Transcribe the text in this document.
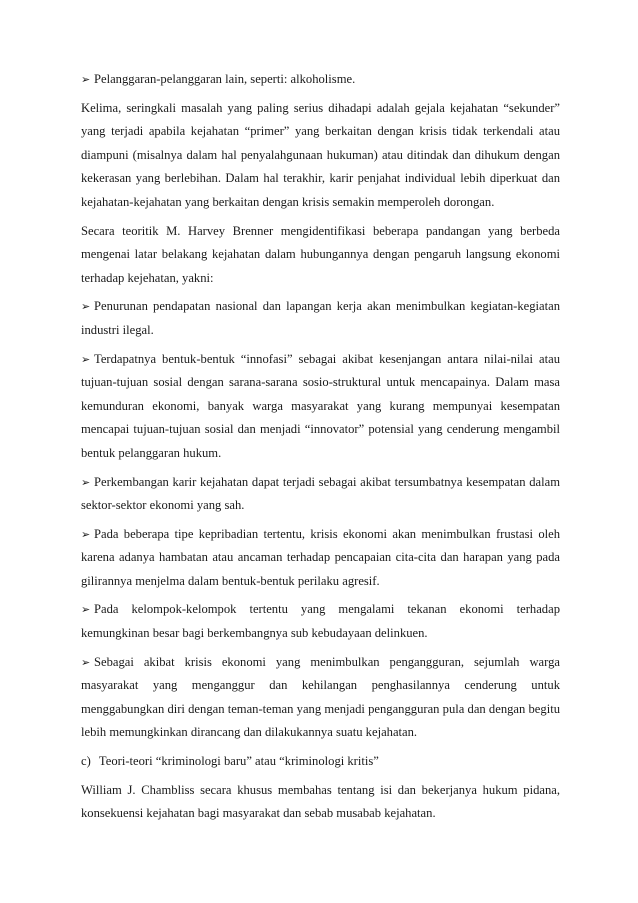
➢ Pelanggaran-pelanggaran lain, seperti: alkoholisme.

Kelima, seringkali masalah yang paling serius dihadapi adalah gejala kejahatan “sekunder” yang terjadi apabila kejahatan “primer” yang berkaitan dengan krisis tidak terkendali atau diampuni (misalnya dalam hal penyalahgunaan hukuman) atau ditindak dan dihukum dengan kekerasan yang berlebihan. Dalam hal terakhir, karir penjahat individual lebih diperkuat dan kejahatan-kejahatan yang berkaitan dengan krisis semakin memperoleh dorongan.

Secara teoritik M. Harvey Brenner mengidentifikasi beberapa pandangan yang berbeda mengenai latar belakang kejahatan dalam hubungannya dengan pengaruh langsung ekonomi terhadap kejehatan, yakni:

➢ Penurunan pendapatan nasional dan lapangan kerja akan menimbulkan kegiatan-kegiatan industri ilegal.

➢ Terdapatnya bentuk-bentuk “innofasi” sebagai akibat kesenjangan antara nilai-nilai atau tujuan-tujuan sosial dengan sarana-sarana sosio-struktural untuk mencapainya. Dalam masa kemunduran ekonomi, banyak warga masyarakat yang kurang mempunyai kesempatan mencapai tujuan-tujuan sosial dan menjadi “innovator” potensial yang cenderung mengambil bentuk pelanggaran hukum.

➢ Perkembangan karir kejahatan dapat terjadi sebagai akibat tersumbatnya kesempatan dalam sektor-sektor ekonomi yang sah.

➢ Pada beberapa tipe kepribadian tertentu, krisis ekonomi akan menimbulkan frustasi oleh karena adanya hambatan atau ancaman terhadap pencapaian cita-cita dan harapan yang pada gilirannya menjelma dalam bentuk-bentuk perilaku agresif.

➢ Pada kelompok-kelompok tertentu yang mengalami tekanan ekonomi terhadap kemungkinan besar bagi berkembangnya sub kebudayaan delinkuen.

➢ Sebagai akibat krisis ekonomi yang menimbulkan pengangguran, sejumlah warga masyarakat yang menganggur dan kehilangan penghasilannya cenderung untuk menggabungkan diri dengan teman-teman yang menjadi pengangguran pula dan dengan begitu lebih memungkinkan dirancang dan dilakukannya suatu kejahatan.

c) Teori-teori “kriminologi baru” atau “kriminologi kritis”

William J. Chambliss secara khusus membahas tentang isi dan bekerjanya hukum pidana, konsekuensi kejahatan bagi masyarakat dan sebab musabab kejahatan.
